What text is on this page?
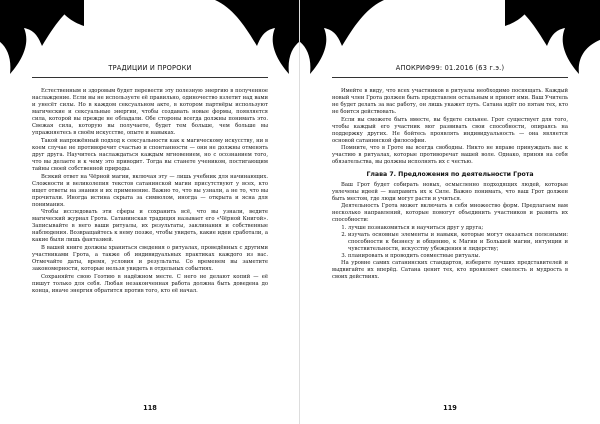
ТРАДИЦИИ И ПРОРОКИ

Естественным и здоровым будет перевести эту полезную энергию в полученное наслаждение. Если вы не используете её правильно, одиночество взлетит над вами и унесёт силы. Но в каждом сексуальном акте, в котором партнёры используют магические и сексуальные энергии, чтобы создавать новые формы, появляется сила, которой вы прежде не обладали. Обе стороны всегда должны понимать это. Свежая сила, которую вы получаете, будет тем больше, чем больше вы упражняетесь в своём искусстве, опыте и навыках.

Такой напряжённый подход к сексуальности как к магическому искусству, ни в коем случае не противоречит счастью и спонтанности — они не должны отменять друг друга. Научитесь наслаждаться каждым мгновением, но с осознанием того, что вы делаете и к чему это приводит. Тогда вы станете учеником, постигающим тайны своей собственной природы.

Всякий ответ на Чёрной магии, включая эту — лишь учебник для начинающих. Сложности и великолепия текстов сатанинской магии присутствуют у всех, кто ищет ответы на знания и их применение. Важно то, что вы узнали, а не то, что вы прочитали. Иногда истина скрыта за символом, иногда — открыта и ясна для понимания.

Чтобы исследовать эти сферы и сохранить всё, что вы узнали, ведите магический журнал Грота. Сатанинская традиция называет его «Чёрной Книгой». Записывайте в него ваши ритуалы, их результаты, заклинания и собственные наблюдения. Возвращайтесь к нему позже, чтобы увидеть, какие идеи сработали, а какие были лишь фантазией.

В вашей книге должны храниться сведения о ритуалах, проведённых с другими участниками Грота, а также об индивидуальных практиках каждого из вас. Отмечайте даты, время, условия и результаты. Со временем вы заметите закономерности, которые нельзя увидеть в отдельных событиях.

Сохраняйте свою Гоэтию в надёжном месте. С него не делают копий — её пишут только для себя. Любая незаконченная работа должна быть доведена до конца, иначе энергия обратится против того, кто её начал.

118
АПОКРИФ99: 01.2016 (63 г.э.)

Имейте в виду, что всех участников в ритуалы необходимо посвящать. Каждый новый член Грота должен быть представлен остальным и принят ими. Ваш Учитель не будет делать за вас работу, он лишь укажет путь. Сатана идёт по пятам тех, кто не боится действовать.

Если вы сможете быть вместе, вы будете сильнее. Грот существует для того, чтобы каждый его участник мог развивать свои способности, опираясь на поддержку других. Не бойтесь проявлять индивидуальность — она является основой сатанинской философии.

Помните, что в Гроте вы всегда свободны. Никто не вправе принуждать вас к участию в ритуалах, которые противоречат вашей воле. Однако, приняв на себя обязательства, вы должны исполнять их с честью.

Глава 7. Предложения по деятельности Грота

Ваш Грот будет собирать новых, осмысленно подходящих людей, которые увлечены идеей — направить их к Силе. Важно понимать, что ваш Грот должен быть местом, где люди могут расти и учиться.

Деятельность Грота может включать в себя множество форм. Предлагаем вам несколько направлений, которые помогут объединить участников и развить их способности:

1. лучше познакомиться и научиться друг у друга;
2. изучать основные элементы и навыки, которые могут оказаться полезными: способности к бизнесу и общению, к Магии и Большей магии, интуиции и чувствительности, искусству убеждения и лидерству;
3. планировать и проводить совместные ритуалы.

На уровне самих сатанинских стандартов, изберите лучших представителей и выдвигайте их вперёд. Сатана ценит тех, кто проявляет смелость и мудрость в своих действиях.

119
